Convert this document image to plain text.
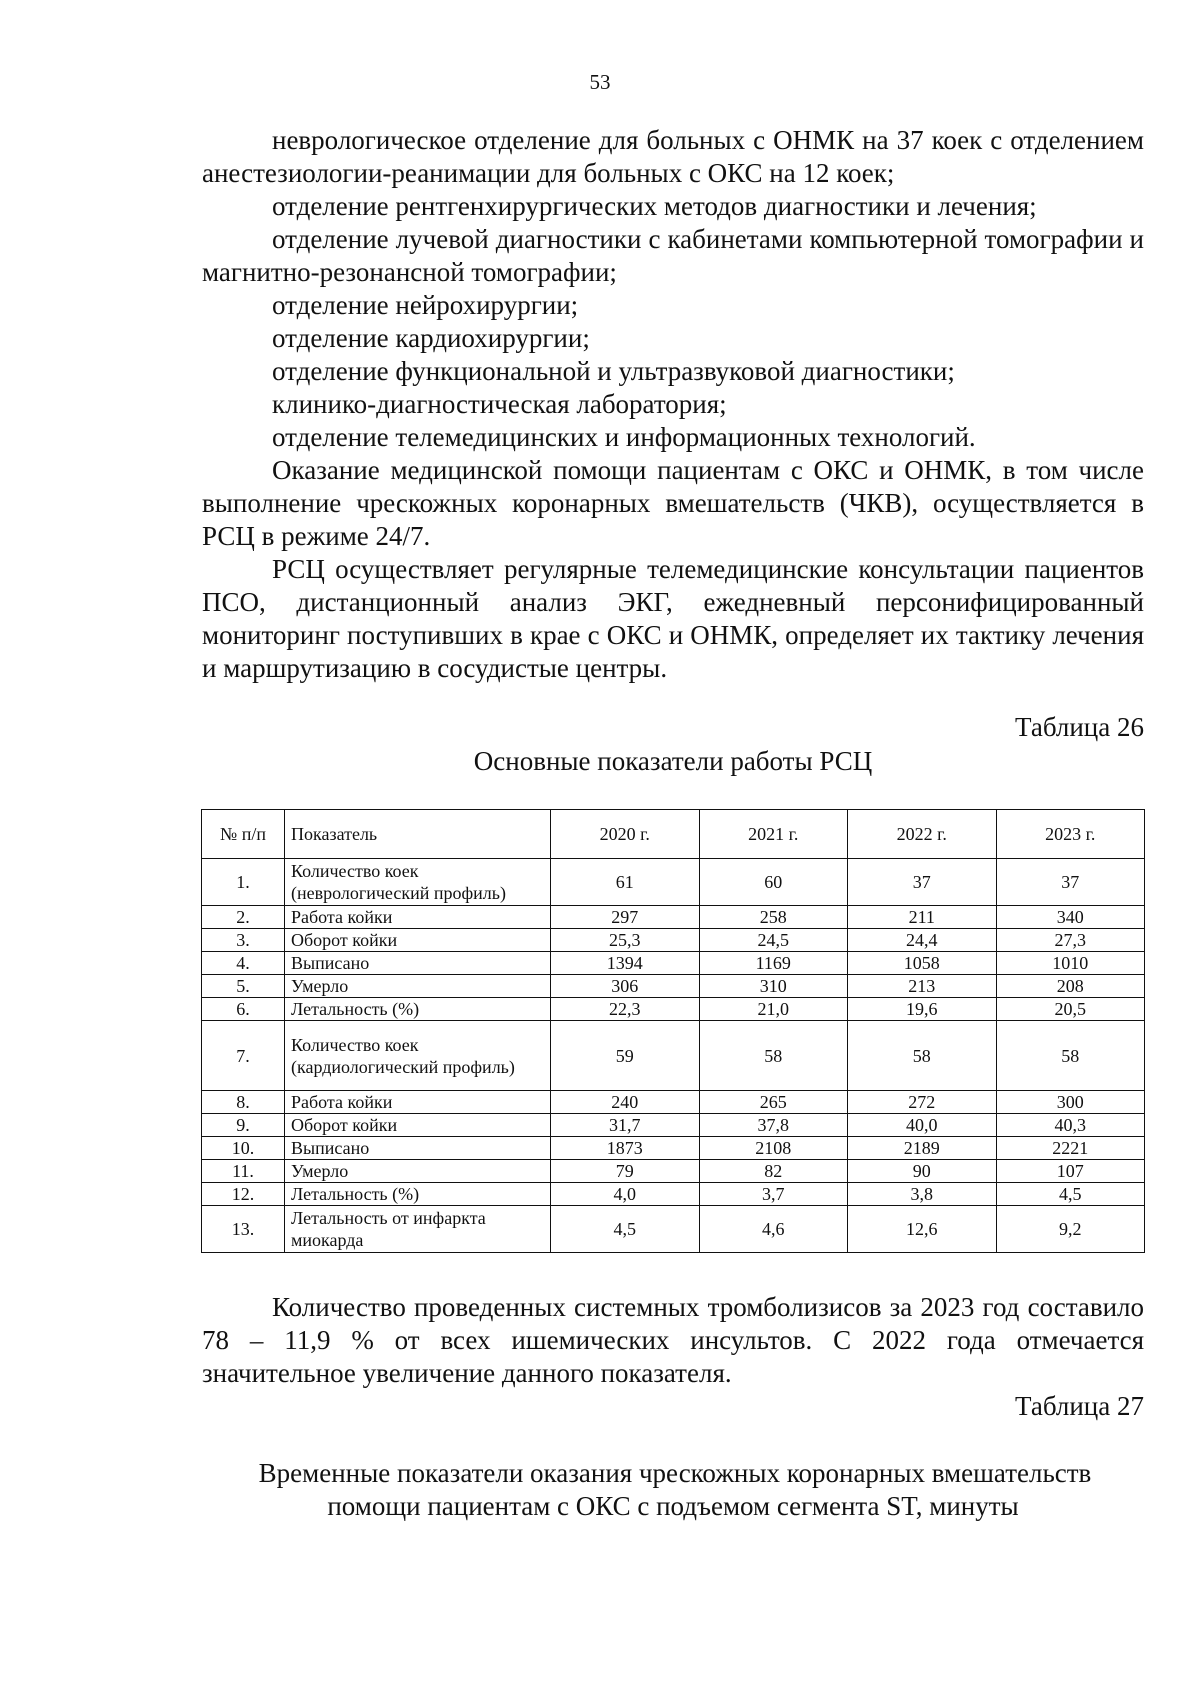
53

неврологическое отделение для больных с ОНМК на 37 коек с отделением анестезиологии-реанимации для больных с ОКС на 12 коек;

отделение рентгенхирургических методов диагностики и лечения;

отделение лучевой диагностики с кабинетами компьютерной томографии и магнитно-резонансной томографии;

отделение нейрохирургии;

отделение кардиохирургии;

отделение функциональной и ультразвуковой диагностики;

клинико-диагностическая лаборатория;

отделение телемедицинских и информационных технологий.

Оказание медицинской помощи пациентам с ОКС и ОНМК, в том числе выполнение чрескожных коронарных вмешательств (ЧКВ), осуществляется в РСЦ в режиме 24/7.

РСЦ осуществляет регулярные телемедицинские консультации пациентов ПСО, дистанционный анализ ЭКГ, ежедневный персонифицированный мониторинг поступивших в крае с ОКС и ОНМК, определяет их тактику лечения и маршрутизацию в сосудистые центры.

Таблица 26
Основные показатели работы РСЦ
№ п/п	Показатель	2020 г.	2021 г.	2022 г.	2023 г.
1.	Количество коек (неврологический профиль)	61	60	37	37
2.	Работа койки	297	258	211	340
3.	Оборот койки	25,3	24,5	24,4	27,3
4.	Выписано	1394	1169	1058	1010
5.	Умерло	306	310	213	208
6.	Летальность (%)	22,3	21,0	19,6	20,5
7.	Количество коек (кардиологический профиль)	59	58	58	58
8.	Работа койки	240	265	272	300
9.	Оборот койки	31,7	37,8	40,0	40,3
10.	Выписано	1873	2108	2189	2221
11.	Умерло	79	82	90	107
12.	Летальность (%)	4,0	3,7	3,8	4,5
13.	Летальность от инфаркта миокарда	4,5	4,6	12,6	9,2

Количество проведенных системных тромболизисов за 2023 год составило 78 – 11,9 % от всех ишемических инсультов. С 2022 года отмечается значительное увеличение данного показателя.

Таблица 27
Временные показатели оказания чрескожных коронарных вмешательств
помощи пациентам с ОКС с подъемом сегмента ST, минуты
